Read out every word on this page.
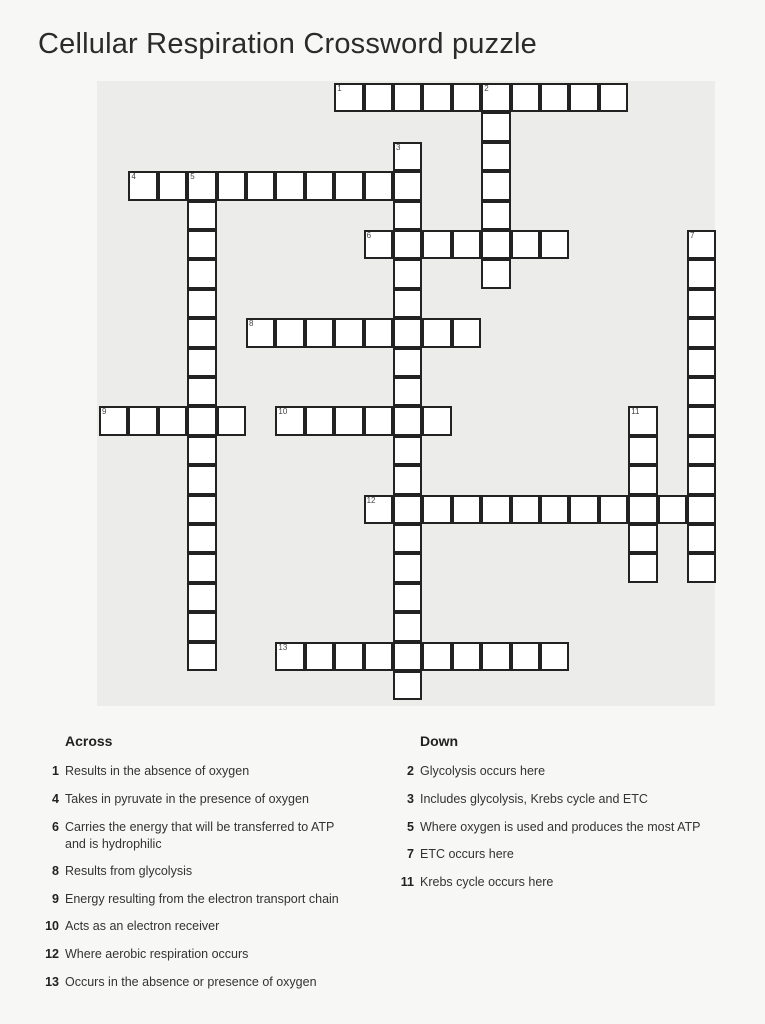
Cellular Respiration Crossword puzzle
1	2
3
4	5
6	7
8
9	10	11
12
13
Across	Down
1 Results in the absence of oxygen
4 Takes in pyruvate in the presence of oxygen
6 Carries the energy that will be transferred to ATP and is hydrophilic
8 Results from glycolysis
9 Energy resulting from the electron transport chain
10 Acts as an electron receiver
12 Where aerobic respiration occurs
13 Occurs in the absence or presence of oxygen
2 Glycolysis occurs here
3 Includes glycolysis, Krebs cycle and ETC
5 Where oxygen is used and produces the most ATP
7 ETC occurs here
11 Krebs cycle occurs here
